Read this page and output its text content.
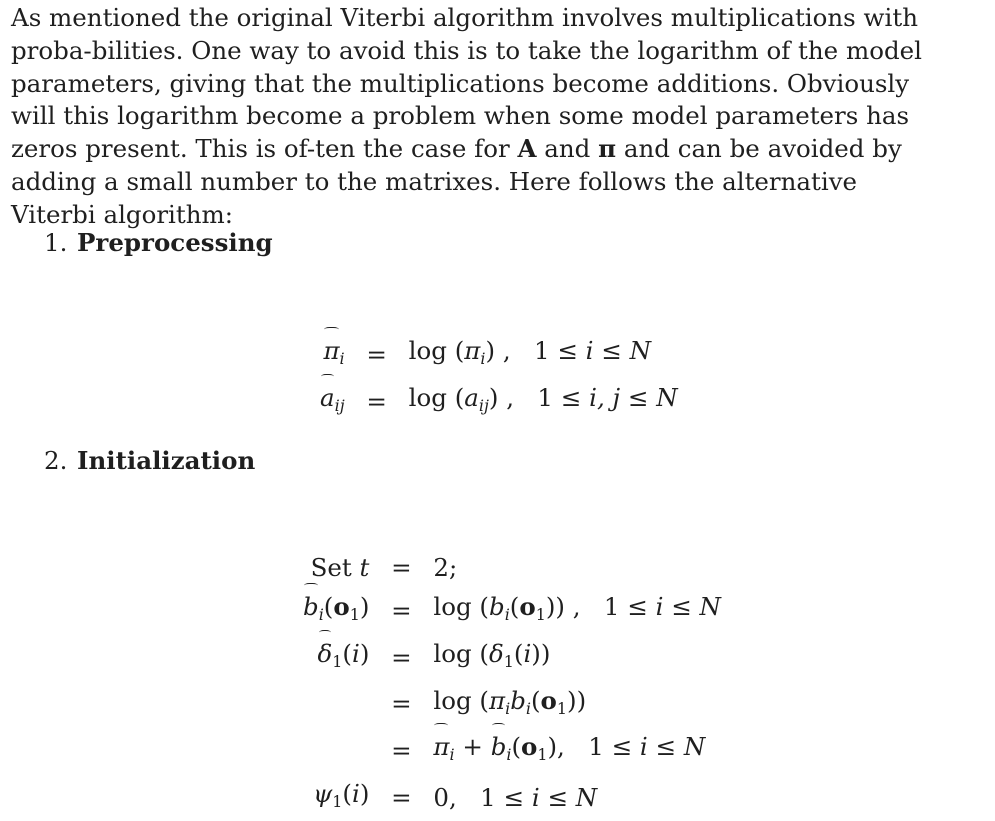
As mentioned the original Viterbi algorithm involves multiplications with proba-bilities. One way to avoid this is to take the logarithm of the model parameters, giving that the multiplications become additions. Obviously will this logarithm become a problem when some model parameters has zeros present. This is of-ten the case for A and π and can be avoided by adding a small number to the matrixes. Here follows the alternative Viterbi algorithm:

1. Preprocessing
$\pi_i$	=	$\log (\pi_i)$ ,   1 ≤ i ≤ N
$a_{ij}$	=	$\log (a_{ij})$ ,   1 ≤ i, j ≤ N
2. Initialization
Set t	=	2;
$b_i(o_1)$	=	$\log (b_i(o_1))$ ,   1 ≤ i ≤ N
$\delta_1(i)$	=	$\log (\delta_1(i))$
	=	$\log (\pi_ib_i(o_1))$
	=	$\pi_i + b_i(o_1)$,   1 ≤ i ≤ N
$\psi_1(i)$	=	0,   1 ≤ i ≤ N
